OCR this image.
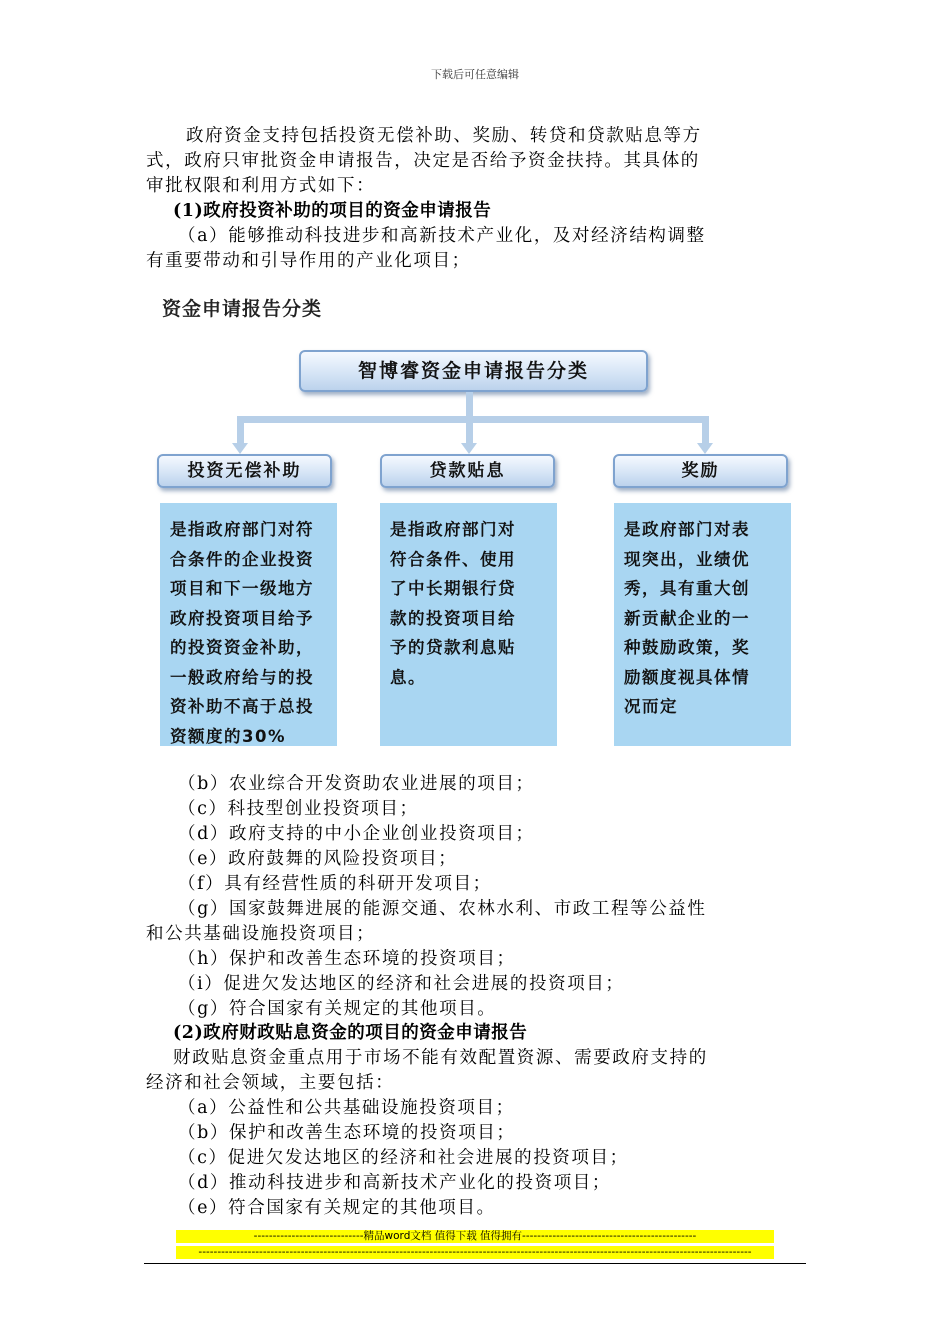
下载后可任意编辑
政府资金支持包括投资无偿补助、奖励、转贷和贷款贴息等方
式，政府只审批资金申请报告，决定是否给予资金扶持。其具体的
审批权限和利用方式如下：
(1)政府投资补助的项目的资金申请报告
（a）能够推动科技进步和高新技术产业化，及对经济结构调整
有重要带动和引导作用的产业化项目；
资金申请报告分类
智博睿资金申请报告分类
投资无偿补助	贷款贴息	奖励
是指政府部门对符
合条件的企业投资
项目和下一级地方
政府投资项目给予
的投资资金补助，
一般政府给与的投
资补助不高于总投
资额度的30%
是指政府部门对
符合条件、使用
了中长期银行贷
款的投资项目给
予的贷款利息贴
息。
是政府部门对表
现突出，业绩优
秀，具有重大创
新贡献企业的一
种鼓励政策，奖
励额度视具体情
况而定
（b）农业综合开发资助农业进展的项目；
（c）科技型创业投资项目；
（d）政府支持的中小企业创业投资项目；
（e）政府鼓舞的风险投资项目；
（f）具有经营性质的科研开发项目；
（g）国家鼓舞进展的能源交通、农林水利、市政工程等公益性
和公共基础设施投资项目；
（h）保护和改善生态环境的投资项目；
（i）促进欠发达地区的经济和社会进展的投资项目；
（g）符合国家有关规定的其他项目。
(2)政府财政贴息资金的项目的资金申请报告
财政贴息资金重点用于市场不能有效配置资源、需要政府支持的
经济和社会领域，主要包括：
（a）公益性和公共基础设施投资项目；
（b）保护和改善生态环境的投资项目；
（c）促进欠发达地区的经济和社会进展的投资项目；
（d）推动科技进步和高新技术产业化的投资项目；
（e）符合国家有关规定的其他项目。
-----------------------------精品word文档 值得下载 值得拥有----------------------------------------------
--------------------------------------------------------------------------------------------------------------------------------------------------
